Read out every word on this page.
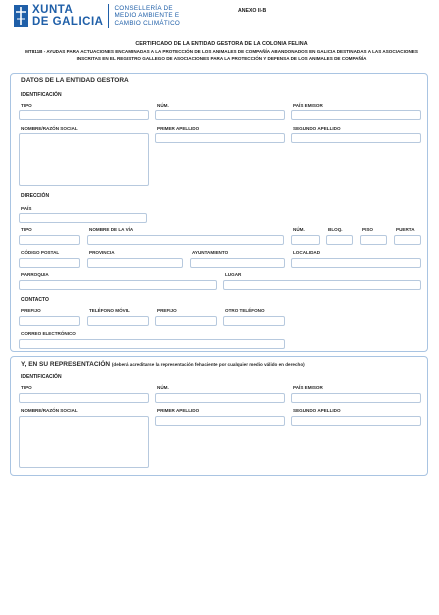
XUNTA
DE GALICIA
CONSELLERÍA DE
MEDIO AMBIENTE E
CAMBIO CLIMÁTICO
ANEXO II-B
CERTIFICADO DE LA ENTIDAD GESTORA DE LA COLONIA FELINA
MT811B - AYUDAS PARA ACTUACIONES ENCAMINADAS A LA PROTECCIÓN DE LOS ANIMALES DE COMPAÑÍA ABANDONADOS EN GALICIA DESTINADAS A LAS ASOCIACIONES INSCRITAS EN EL REGISTRO GALLEGO DE ASOCIACIONES PARA LA PROTECCIÓN Y DEFENSA DE LOS ANIMALES DE COMPAÑÍA
DATOS DE LA ENTIDAD GESTORA
IDENTIFICACIÓN
TIPO	NÚM.	PAÍS EMISOR
NOMBRE/RAZÓN SOCIAL	PRIMER APELLIDO	SEGUNDO APELLIDO
DIRECCIÓN
PAÍS
TIPO	NOMBRE DE LA VÍA	NÚM.	BLOQ.	PISO	PUERTA
CÓDIGO POSTAL	PROVINCIA	AYUNTAMIENTO	LOCALIDAD
PARROQUIA	LUGAR
CONTACTO
PREFIJO	TELÉFONO MÓVIL	PREFIJO	OTRO TELÉFONO
CORREO ELECTRÓNICO
Y, EN SU REPRESENTACIÓN (deberá acreditarse la representación fehaciente por cualquier medio válido en derecho)
IDENTIFICACIÓN
TIPO	NÚM.	PAÍS EMISOR
NOMBRE/RAZÓN SOCIAL	PRIMER APELLIDO	SEGUNDO APELLIDO
